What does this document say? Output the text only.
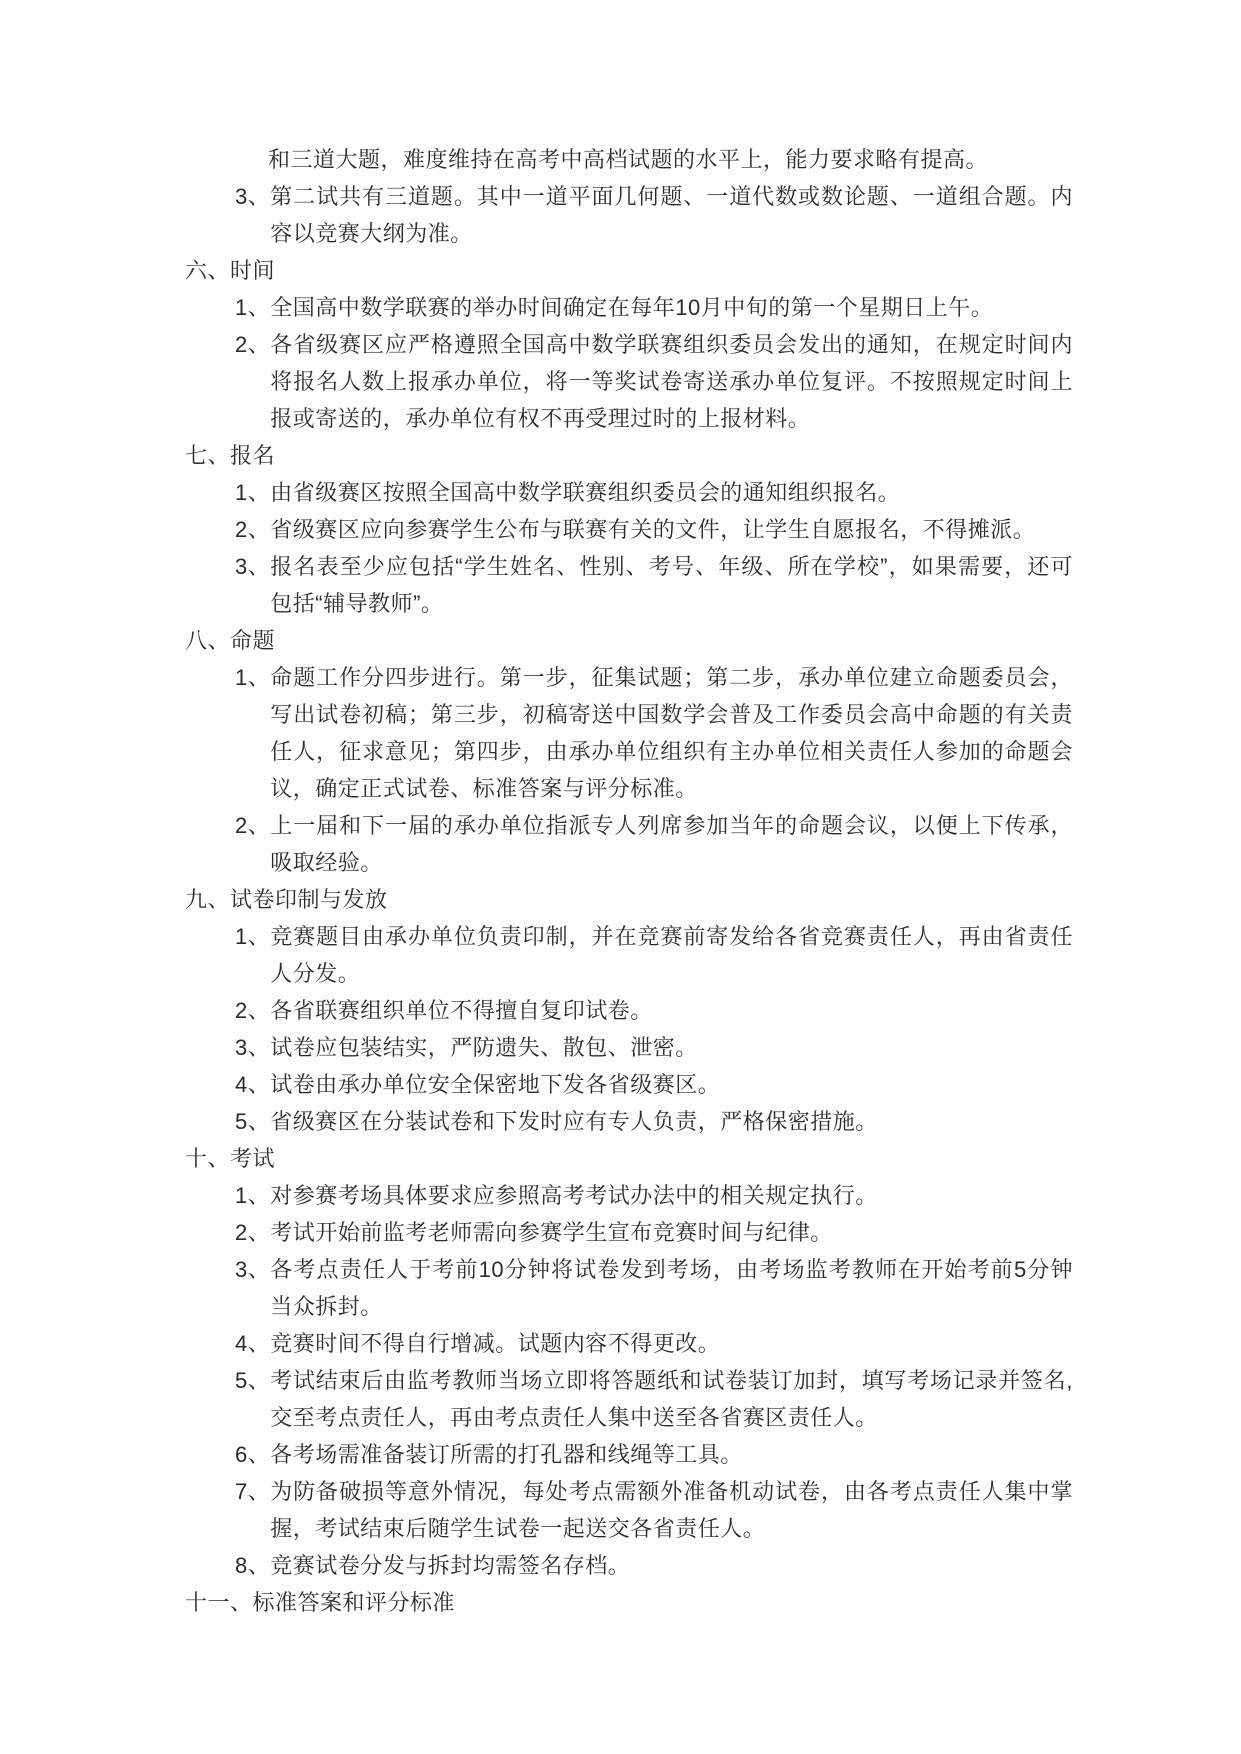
和三道大题，难度维持在高考中高档试题的水平上，能力要求略有提高。
3、 第二试共有三道题。其中一道平面几何题、一道代数或数论题、一道组合题。内容以竞赛大纲为准。
六、时间
1、 全国高中数学联赛的举办时间确定在每年10月中旬的第一个星期日上午。
2、 各省级赛区应严格遵照全国高中数学联赛组织委员会发出的通知，在规定时间内将报名人数上报承办单位，将一等奖试卷寄送承办单位复评。不按照规定时间上报或寄送的，承办单位有权不再受理过时的上报材料。
七、报名
1、 由省级赛区按照全国高中数学联赛组织委员会的通知组织报名。
2、 省级赛区应向参赛学生公布与联赛有关的文件，让学生自愿报名，不得摊派。
3、 报名表至少应包括“学生姓名、性别、考号、年级、所在学校”，如果需要，还可包括“辅导教师”。
八、命题
1、 命题工作分四步进行。第一步，征集试题；第二步，承办单位建立命题委员会，写出试卷初稿；第三步，初稿寄送中国数学会普及工作委员会高中命题的有关责任人，征求意见；第四步，由承办单位组织有主办单位相关责任人参加的命题会议，确定正式试卷、标准答案与评分标准。
2、 上一届和下一届的承办单位指派专人列席参加当年的命题会议，以便上下传承，吸取经验。
九、试卷印制与发放
1、 竞赛题目由承办单位负责印制，并在竞赛前寄发给各省竞赛责任人，再由省责任人分发。
2、 各省联赛组织单位不得擅自复印试卷。
3、 试卷应包装结实，严防遗失、散包、泄密。
4、 试卷由承办单位安全保密地下发各省级赛区。
5、 省级赛区在分装试卷和下发时应有专人负责，严格保密措施。
十、考试
1、 对参赛考场具体要求应参照高考考试办法中的相关规定执行。
2、 考试开始前监考老师需向参赛学生宣布竞赛时间与纪律。
3、 各考点责任人于考前10分钟将试卷发到考场，由考场监考教师在开始考前5分钟当众拆封。
4、 竞赛时间不得自行增减。试题内容不得更改。
5、 考试结束后由监考教师当场立即将答题纸和试卷装订加封，填写考场记录并签名,交至考点责任人，再由考点责任人集中送至各省赛区责任人。
6、 各考场需准备装订所需的打孔器和线绳等工具。
7、 为防备破损等意外情况，每处考点需额外准备机动试卷，由各考点责任人集中掌握，考试结束后随学生试卷一起送交各省责任人。
8、 竞赛试卷分发与拆封均需签名存档。
十一、标准答案和评分标准
